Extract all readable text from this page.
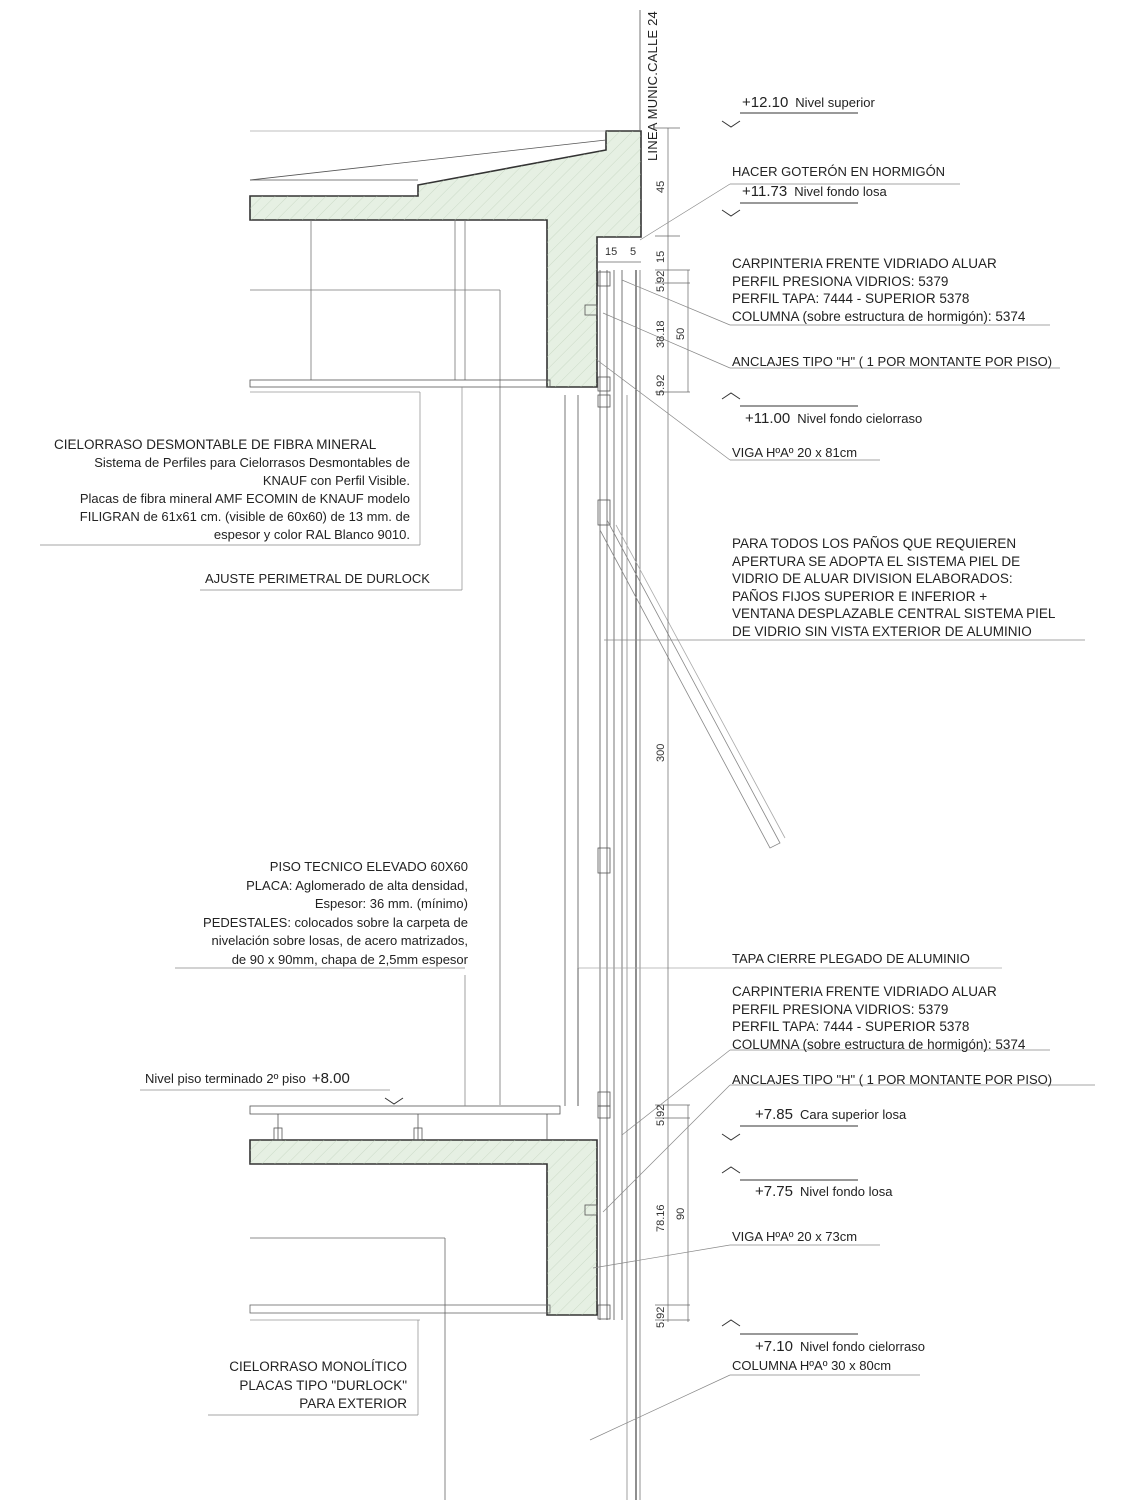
LINEA MUNIC.CALLE 24	+12.10 Nivel superior
+11.73 Nivel fondo losa
+11.00 Nivel fondo cielorraso
+7.85 Cara superior losa
+7.75 Nivel fondo losa
+7.10 Nivel fondo cielorraso
Nivel piso terminado 2º piso +8.00
HACER GOTERÓN EN HORMIGÓN
CARPINTERIA FRENTE VIDRIADO ALUAR
PERFIL PRESIONA VIDRIOS: 5379
PERFIL TAPA: 7444 - SUPERIOR 5378
COLUMNA (sobre estructura de hormigón): 5374
ANCLAJES TIPO "H" ( 1 POR MONTANTE POR PISO)
VIGA HºAº 20 x 81cm
PARA TODOS LOS PAÑOS QUE REQUIEREN
APERTURA SE ADOPTA EL SISTEMA PIEL DE
VIDRIO DE ALUAR DIVISION ELABORADOS:
PAÑOS FIJOS SUPERIOR E INFERIOR +
VENTANA DESPLAZABLE CENTRAL SISTEMA PIEL
DE VIDRIO SIN VISTA EXTERIOR DE ALUMINIO
TAPA CIERRE PLEGADO DE ALUMINIO
CARPINTERIA FRENTE VIDRIADO ALUAR
PERFIL PRESIONA VIDRIOS: 5379
PERFIL TAPA: 7444 - SUPERIOR 5378
COLUMNA (sobre estructura de hormigón): 5374
ANCLAJES TIPO "H" ( 1 POR MONTANTE POR PISO)
VIGA HºAº 20 x 73cm
COLUMNA HºAº 30 x 80cm
CIELORRASO DESMONTABLE DE FIBRA MINERAL
Sistema de Perfiles para Cielorrasos Desmontables de
KNAUF con Perfil Visible.
Placas de fibra mineral AMF ECOMIN de KNAUF modelo
FILIGRAN de 61x61 cm. (visible de 60x60) de 13 mm. de
espesor y color RAL Blanco 9010.
AJUSTE PERIMETRAL DE DURLOCK
PISO TECNICO ELEVADO 60X60
PLACA: Aglomerado de alta densidad,
Espesor: 36 mm. (mínimo)
PEDESTALES: colocados sobre la carpeta de
nivelación sobre losas, de acero matrizados,
de 90 x 90mm, chapa de 2,5mm espesor
CIELORRASO MONOLÍTICO
PLACAS TIPO "DURLOCK"
PARA EXTERIOR
45
15 5 15
5.92
38.18 50
5.92
300
5.92
78.16 90
5.92
